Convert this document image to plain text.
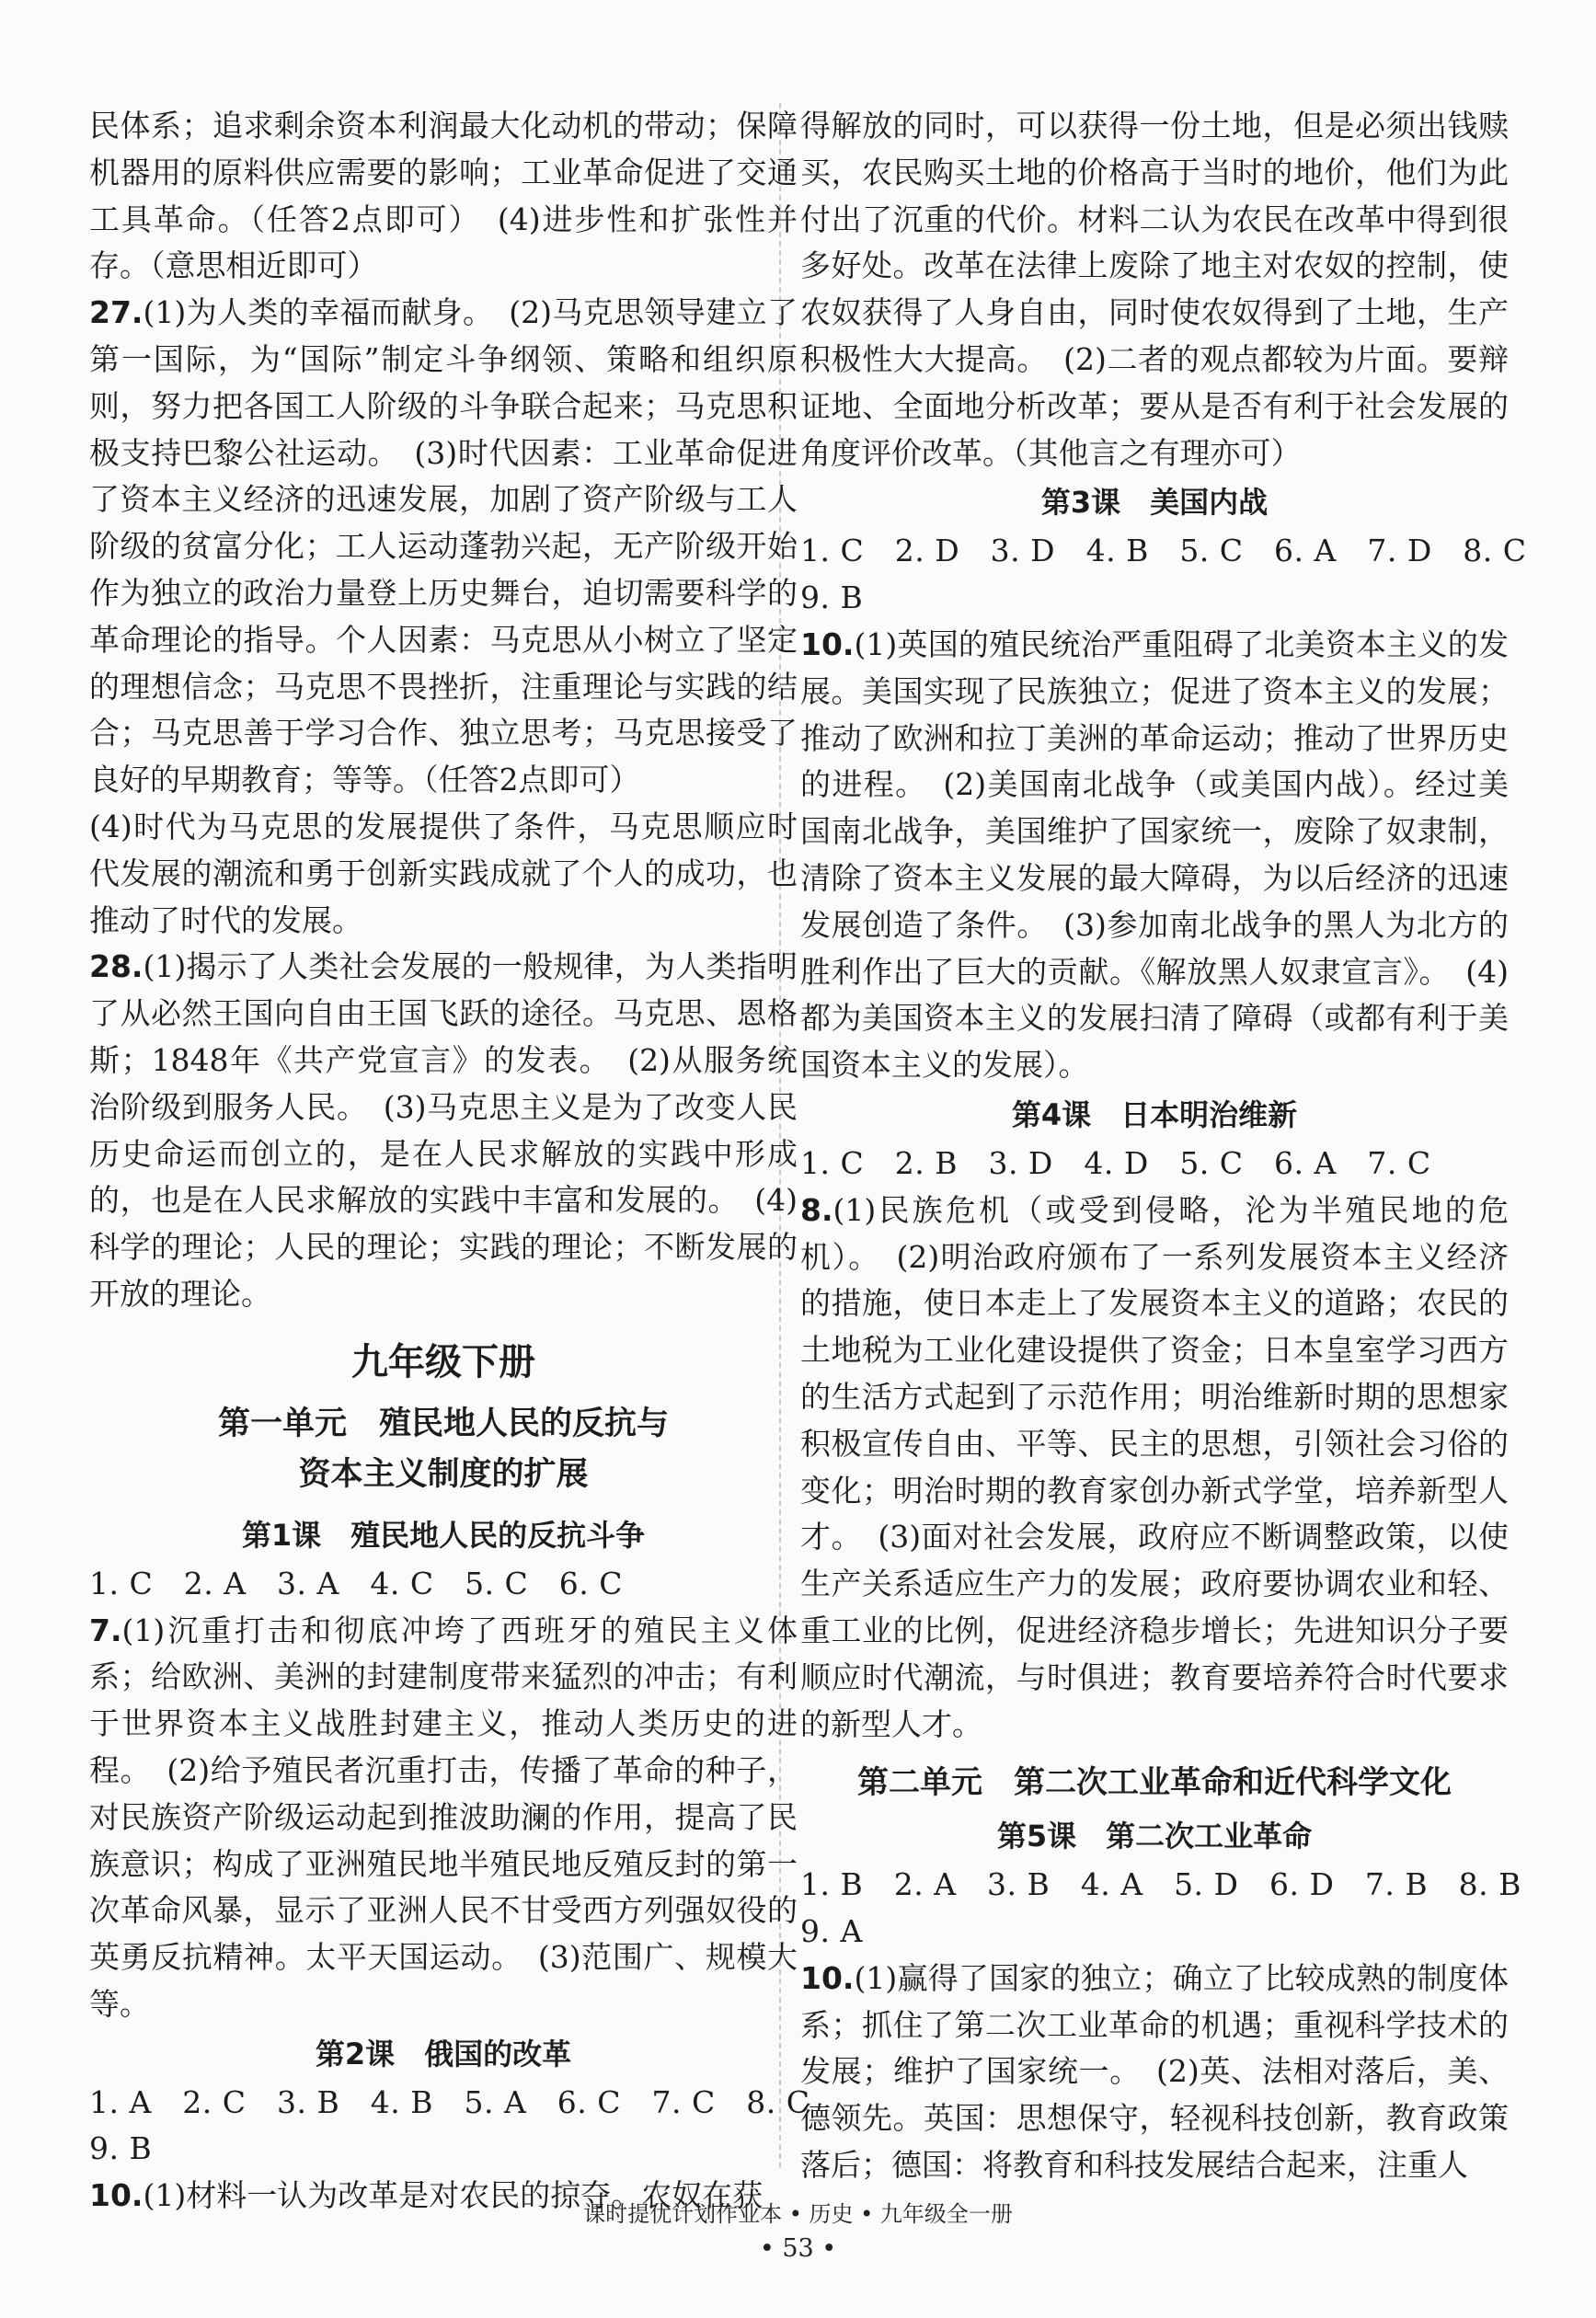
民体系；追求剩余资本利润最大化动机的带动；保障机器用的原料供应需要的影响；工业革命促进了交通工具革命。（任答2点即可）　(4)进步性和扩张性并存。（意思相近即可）

27.(1)为人类的幸福而献身。　(2)马克思领导建立了第一国际，为“国际”制定斗争纲领、策略和组织原则，努力把各国工人阶级的斗争联合起来；马克思积极支持巴黎公社运动。　(3)时代因素：工业革命促进了资本主义经济的迅速发展，加剧了资产阶级与工人阶级的贫富分化；工人运动蓬勃兴起，无产阶级开始作为独立的政治力量登上历史舞台，迫切需要科学的革命理论的指导。个人因素：马克思从小树立了坚定的理想信念；马克思不畏挫折，注重理论与实践的结合；马克思善于学习合作、独立思考；马克思接受了良好的早期教育；等等。（任答2点即可）

(4)时代为马克思的发展提供了条件，马克思顺应时代发展的潮流和勇于创新实践成就了个人的成功，也推动了时代的发展。

28.(1)揭示了人类社会发展的一般规律，为人类指明了从必然王国向自由王国飞跃的途径。马克思、恩格斯；1848年《共产党宣言》的发表。　(2)从服务统治阶级到服务人民。　(3)马克思主义是为了改变人民历史命运而创立的，是在人民求解放的实践中形成的，也是在人民求解放的实践中丰富和发展的。　(4)科学的理论；人民的理论；实践的理论；不断发展的开放的理论。

九年级下册
第一单元　殖民地人民的反抗与
资本主义制度的扩展
第1课　殖民地人民的反抗斗争

1. C　2. A　3. A　4. C　5. C　6. C

7.(1)沉重打击和彻底冲垮了西班牙的殖民主义体系；给欧洲、美洲的封建制度带来猛烈的冲击；有利于世界资本主义战胜封建主义，推动人类历史的进程。　(2)给予殖民者沉重打击，传播了革命的种子，对民族资产阶级运动起到推波助澜的作用，提高了民族意识；构成了亚洲殖民地半殖民地反殖反封的第一次革命风暴，显示了亚洲人民不甘受西方列强奴役的英勇反抗精神。太平天国运动。　(3)范围广、规模大等。

第2课　俄国的改革

1. A　2. C　3. B　4. B　5. A　6. C　7. C　8. C

9. B

10.(1)材料一认为改革是对农民的掠夺。农奴在获

得解放的同时，可以获得一份土地，但是必须出钱赎买，农民购买土地的价格高于当时的地价，他们为此付出了沉重的代价。材料二认为农民在改革中得到很多好处。改革在法律上废除了地主对农奴的控制，使农奴获得了人身自由，同时使农奴得到了土地，生产积极性大大提高。　(2)二者的观点都较为片面。要辩证地、全面地分析改革；要从是否有利于社会发展的角度评价改革。（其他言之有理亦可）

第3课　美国内战

1. C　2. D　3. D　4. B　5. C　6. A　7. D　8. C

9. B

10.(1)英国的殖民统治严重阻碍了北美资本主义的发展。美国实现了民族独立；促进了资本主义的发展；推动了欧洲和拉丁美洲的革命运动；推动了世界历史的进程。　(2)美国南北战争（或美国内战）。经过美国南北战争，美国维护了国家统一，废除了奴隶制，清除了资本主义发展的最大障碍，为以后经济的迅速发展创造了条件。　(3)参加南北战争的黑人为北方的胜利作出了巨大的贡献。《解放黑人奴隶宣言》。　(4)都为美国资本主义的发展扫清了障碍（或都有利于美国资本主义的发展）。

第4课　日本明治维新

1. C　2. B　3. D　4. D　5. C　6. A　7. C

8.(1)民族危机（或受到侵略，沦为半殖民地的危机）。　(2)明治政府颁布了一系列发展资本主义经济的措施，使日本走上了发展资本主义的道路；农民的土地税为工业化建设提供了资金；日本皇室学习西方的生活方式起到了示范作用；明治维新时期的思想家积极宣传自由、平等、民主的思想，引领社会习俗的变化；明治时期的教育家创办新式学堂，培养新型人才。　(3)面对社会发展，政府应不断调整政策，以使生产关系适应生产力的发展；政府要协调农业和轻、重工业的比例，促进经济稳步增长；先进知识分子要顺应时代潮流，与时俱进；教育要培养符合时代要求的新型人才。

第二单元　第二次工业革命和近代科学文化
第5课　第二次工业革命

1. B　2. A　3. B　4. A　5. D　6. D　7. B　8. B

9. A

10.(1)赢得了国家的独立；确立了比较成熟的制度体系；抓住了第二次工业革命的机遇；重视科学技术的发展；维护了国家统一。　(2)英、法相对落后，美、德领先。英国：思想保守，轻视科技创新，教育政策落后；德国：将教育和科技发展结合起来，注重人

课时提优计划作业本 • 历史 • 九年级全一册
• 53 •
